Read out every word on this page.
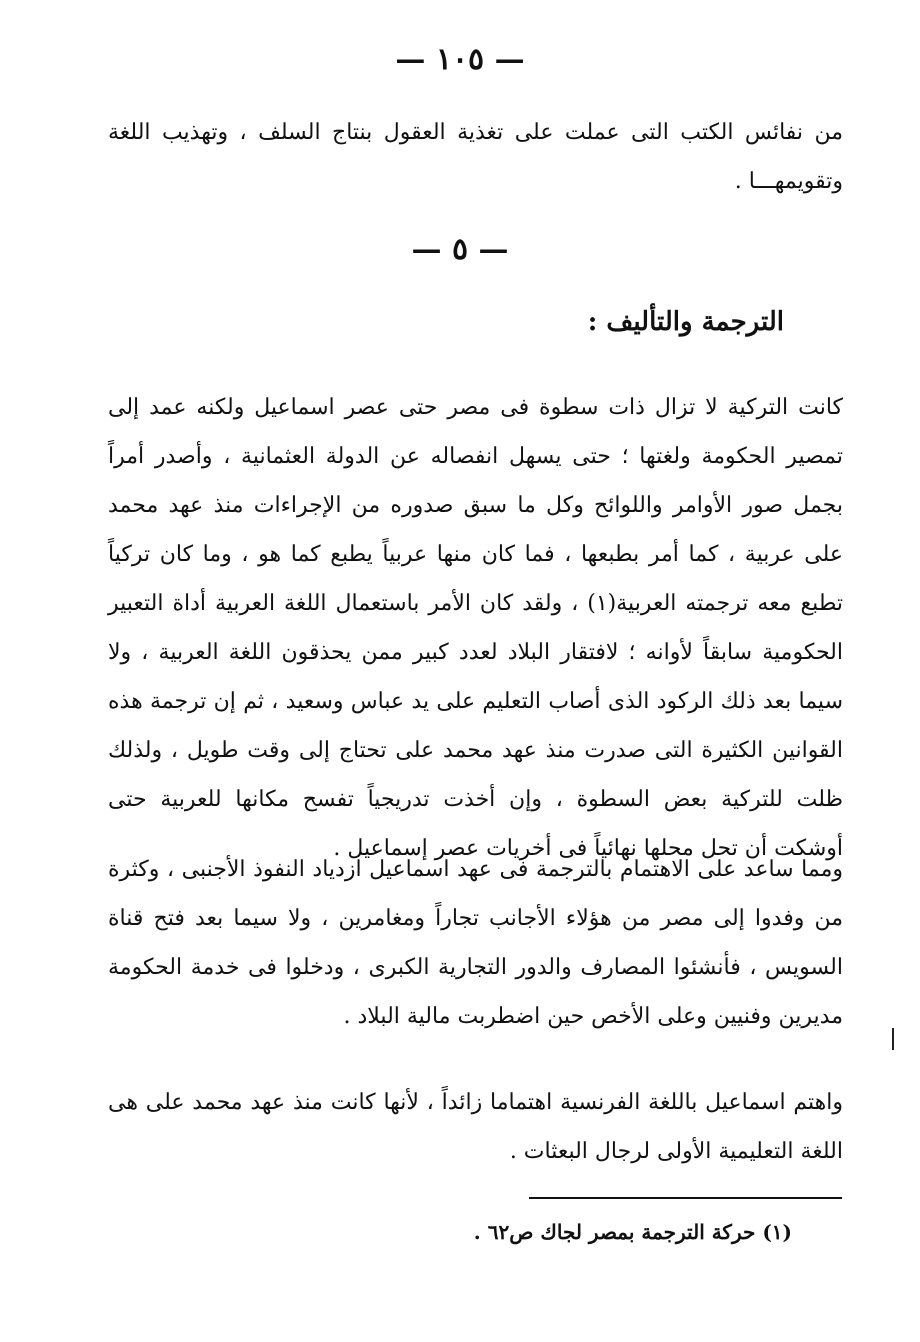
— ١٠٥ —
من نفائس الكتب التى عملت على تغذية العقول بنتاج السلف ، وتهذيب اللغة وتقويمهـــا .
— ٥ —
الترجمة والتأليف :
كانت التركية لا تزال ذات سطوة فى مصر حتى عصر اسماعيل ولكنه عمد إلى تمصير الحكومة ولغتها ؛ حتى يسهل انفصاله عن الدولة العثمانية ، وأصدر أمراً بجمل صور الأوامر واللوائح وكل ما سبق صدوره من الإجراءات منذ عهد محمد على عربية ، كما أمر بطبعها ، فما كان منها عربياً يطبع كما هو ، وما كان تركياً تطبع معه ترجمته العربية(١) ، ولقد كان الأمر باستعمال اللغة العربية أداة التعبير الحكومية سابقاً لأوانه ؛ لافتقار البلاد لعدد كبير ممن يحذقون اللغة العربية ، ولا سيما بعد ذلك الركود الذى أصاب التعليم على يد عباس وسعيد ، ثم إن ترجمة هذه القوانين الكثيرة التى صدرت منذ عهد محمد على تحتاج إلى وقت طويل ، ولذلك ظلت للتركية بعض السطوة ، وإن أخذت تدريجياً تفسح مكانها للعربية حتى أوشكت أن تحل محلها نهائياً فى أخريات عصر إسماعيل .
ومما ساعد على الاهتمام بالترجمة فى عهد اسماعيل ازدياد النفوذ الأجنبى ، وكثرة من وفدوا إلى مصر من هؤلاء الأجانب تجاراً ومغامرين ، ولا سيما بعد فتح قناة السويس ، فأنشئوا المصارف والدور التجارية الكبرى ، ودخلوا فى خدمة الحكومة مديرين وفنيين وعلى الأخص حين اضطربت مالية البلاد .
واهتم اسماعيل باللغة الفرنسية اهتماما زائداً ، لأنها كانت منذ عهد محمد على هى اللغة التعليمية الأولى لرجال البعثات .
(١) حركة الترجمة بمصر لجاك ص٦٢ .
